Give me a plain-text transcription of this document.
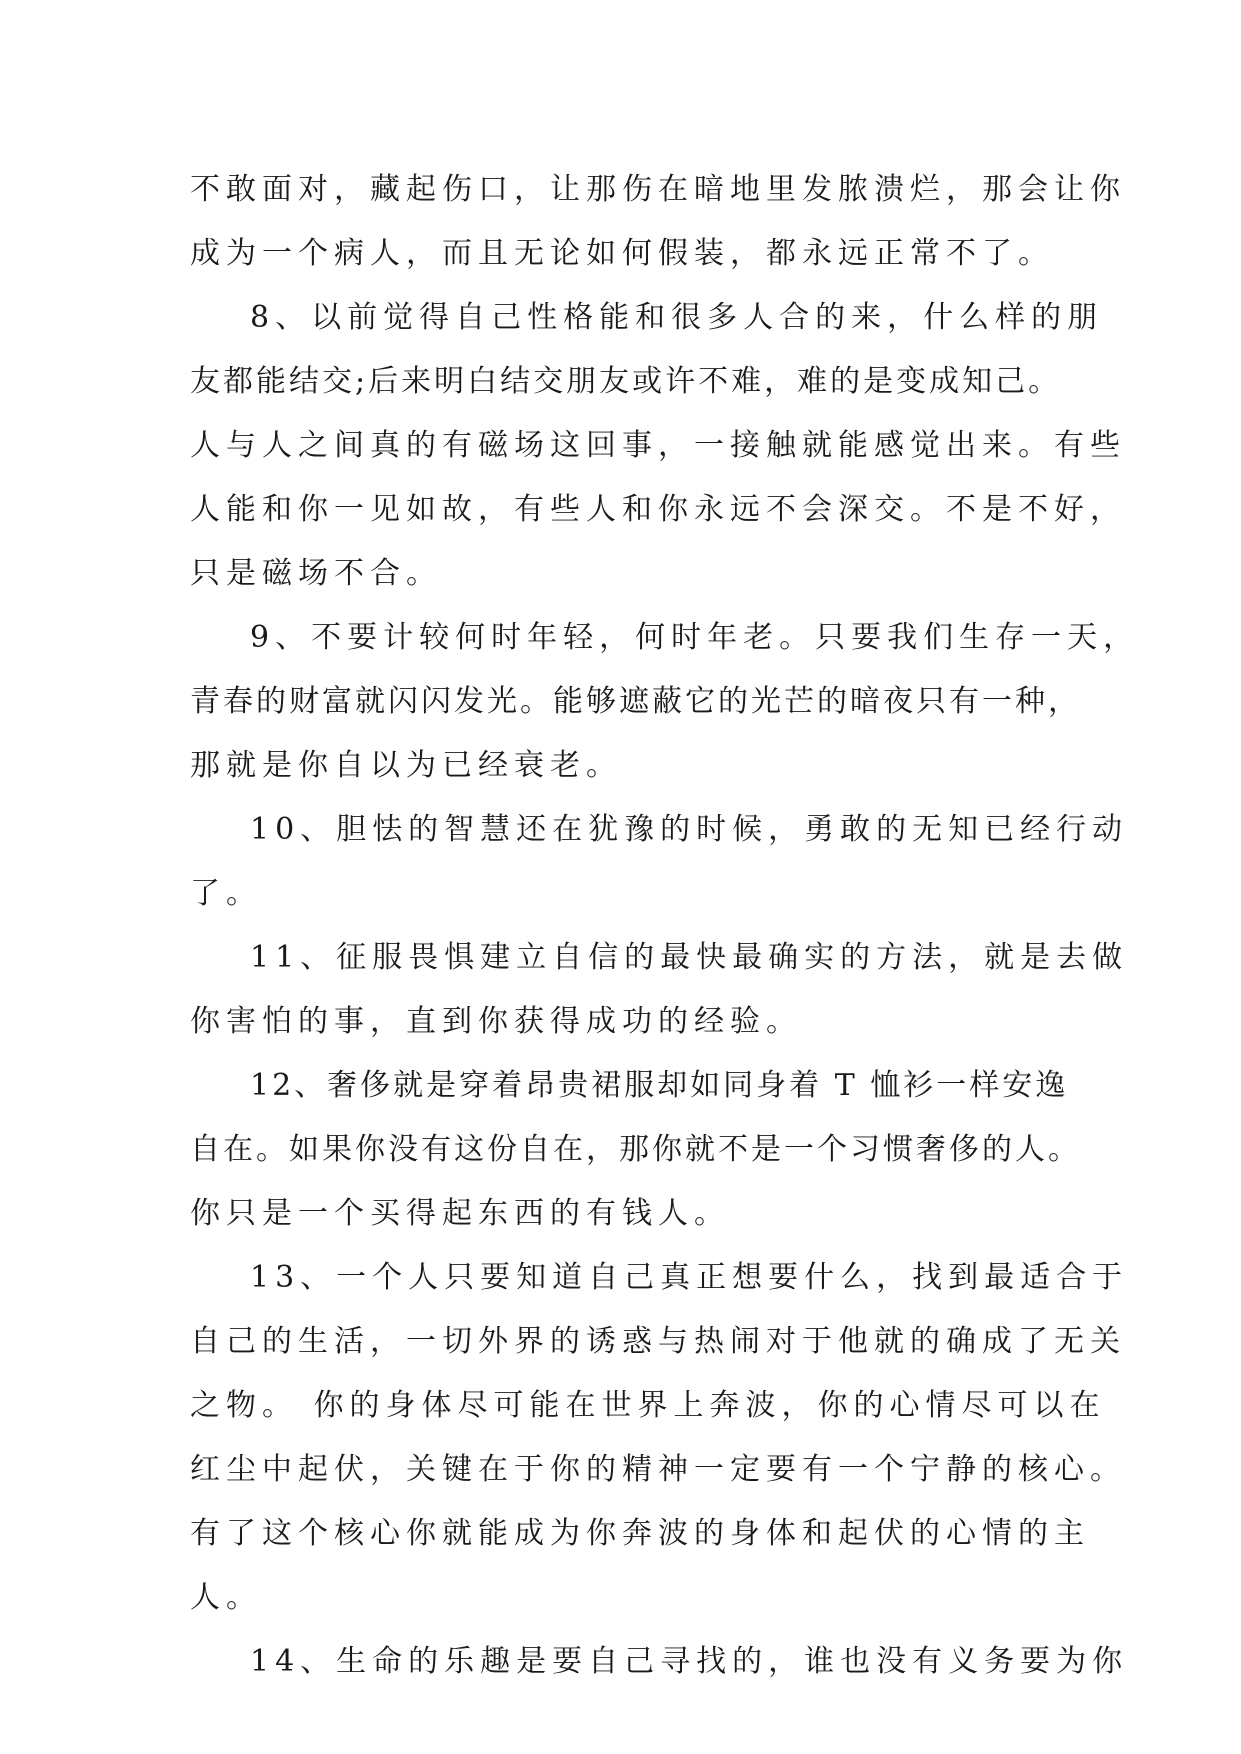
不敢面对，藏起伤口，让那伤在暗地里发脓溃烂，那会让你
成为一个病人，而且无论如何假装，都永远正常不了。
8、以前觉得自己性格能和很多人合的来，什么样的朋
友都能结交;后来明白结交朋友或许不难，难的是变成知己。
人与人之间真的有磁场这回事，一接触就能感觉出来。有些
人能和你一见如故，有些人和你永远不会深交。不是不好，
只是磁场不合。
9、不要计较何时年轻，何时年老。只要我们生存一天，
青春的财富就闪闪发光。能够遮蔽它的光芒的暗夜只有一种，
那就是你自以为已经衰老。
10、胆怯的智慧还在犹豫的时候，勇敢的无知已经行动
了。
11、征服畏惧建立自信的最快最确实的方法，就是去做
你害怕的事，直到你获得成功的经验。
12、奢侈就是穿着昂贵裙服却如同身着 T 恤衫一样安逸
自在。如果你没有这份自在，那你就不是一个习惯奢侈的人。
你只是一个买得起东西的有钱人。
13、一个人只要知道自己真正想要什么，找到最适合于
自己的生活，一切外界的诱惑与热闹对于他就的确成了无关
之物。 你的身体尽可能在世界上奔波，你的心情尽可以在
红尘中起伏，关键在于你的精神一定要有一个宁静的核心。
有了这个核心你就能成为你奔波的身体和起伏的心情的主
人。
14、生命的乐趣是要自己寻找的，谁也没有义务要为你
